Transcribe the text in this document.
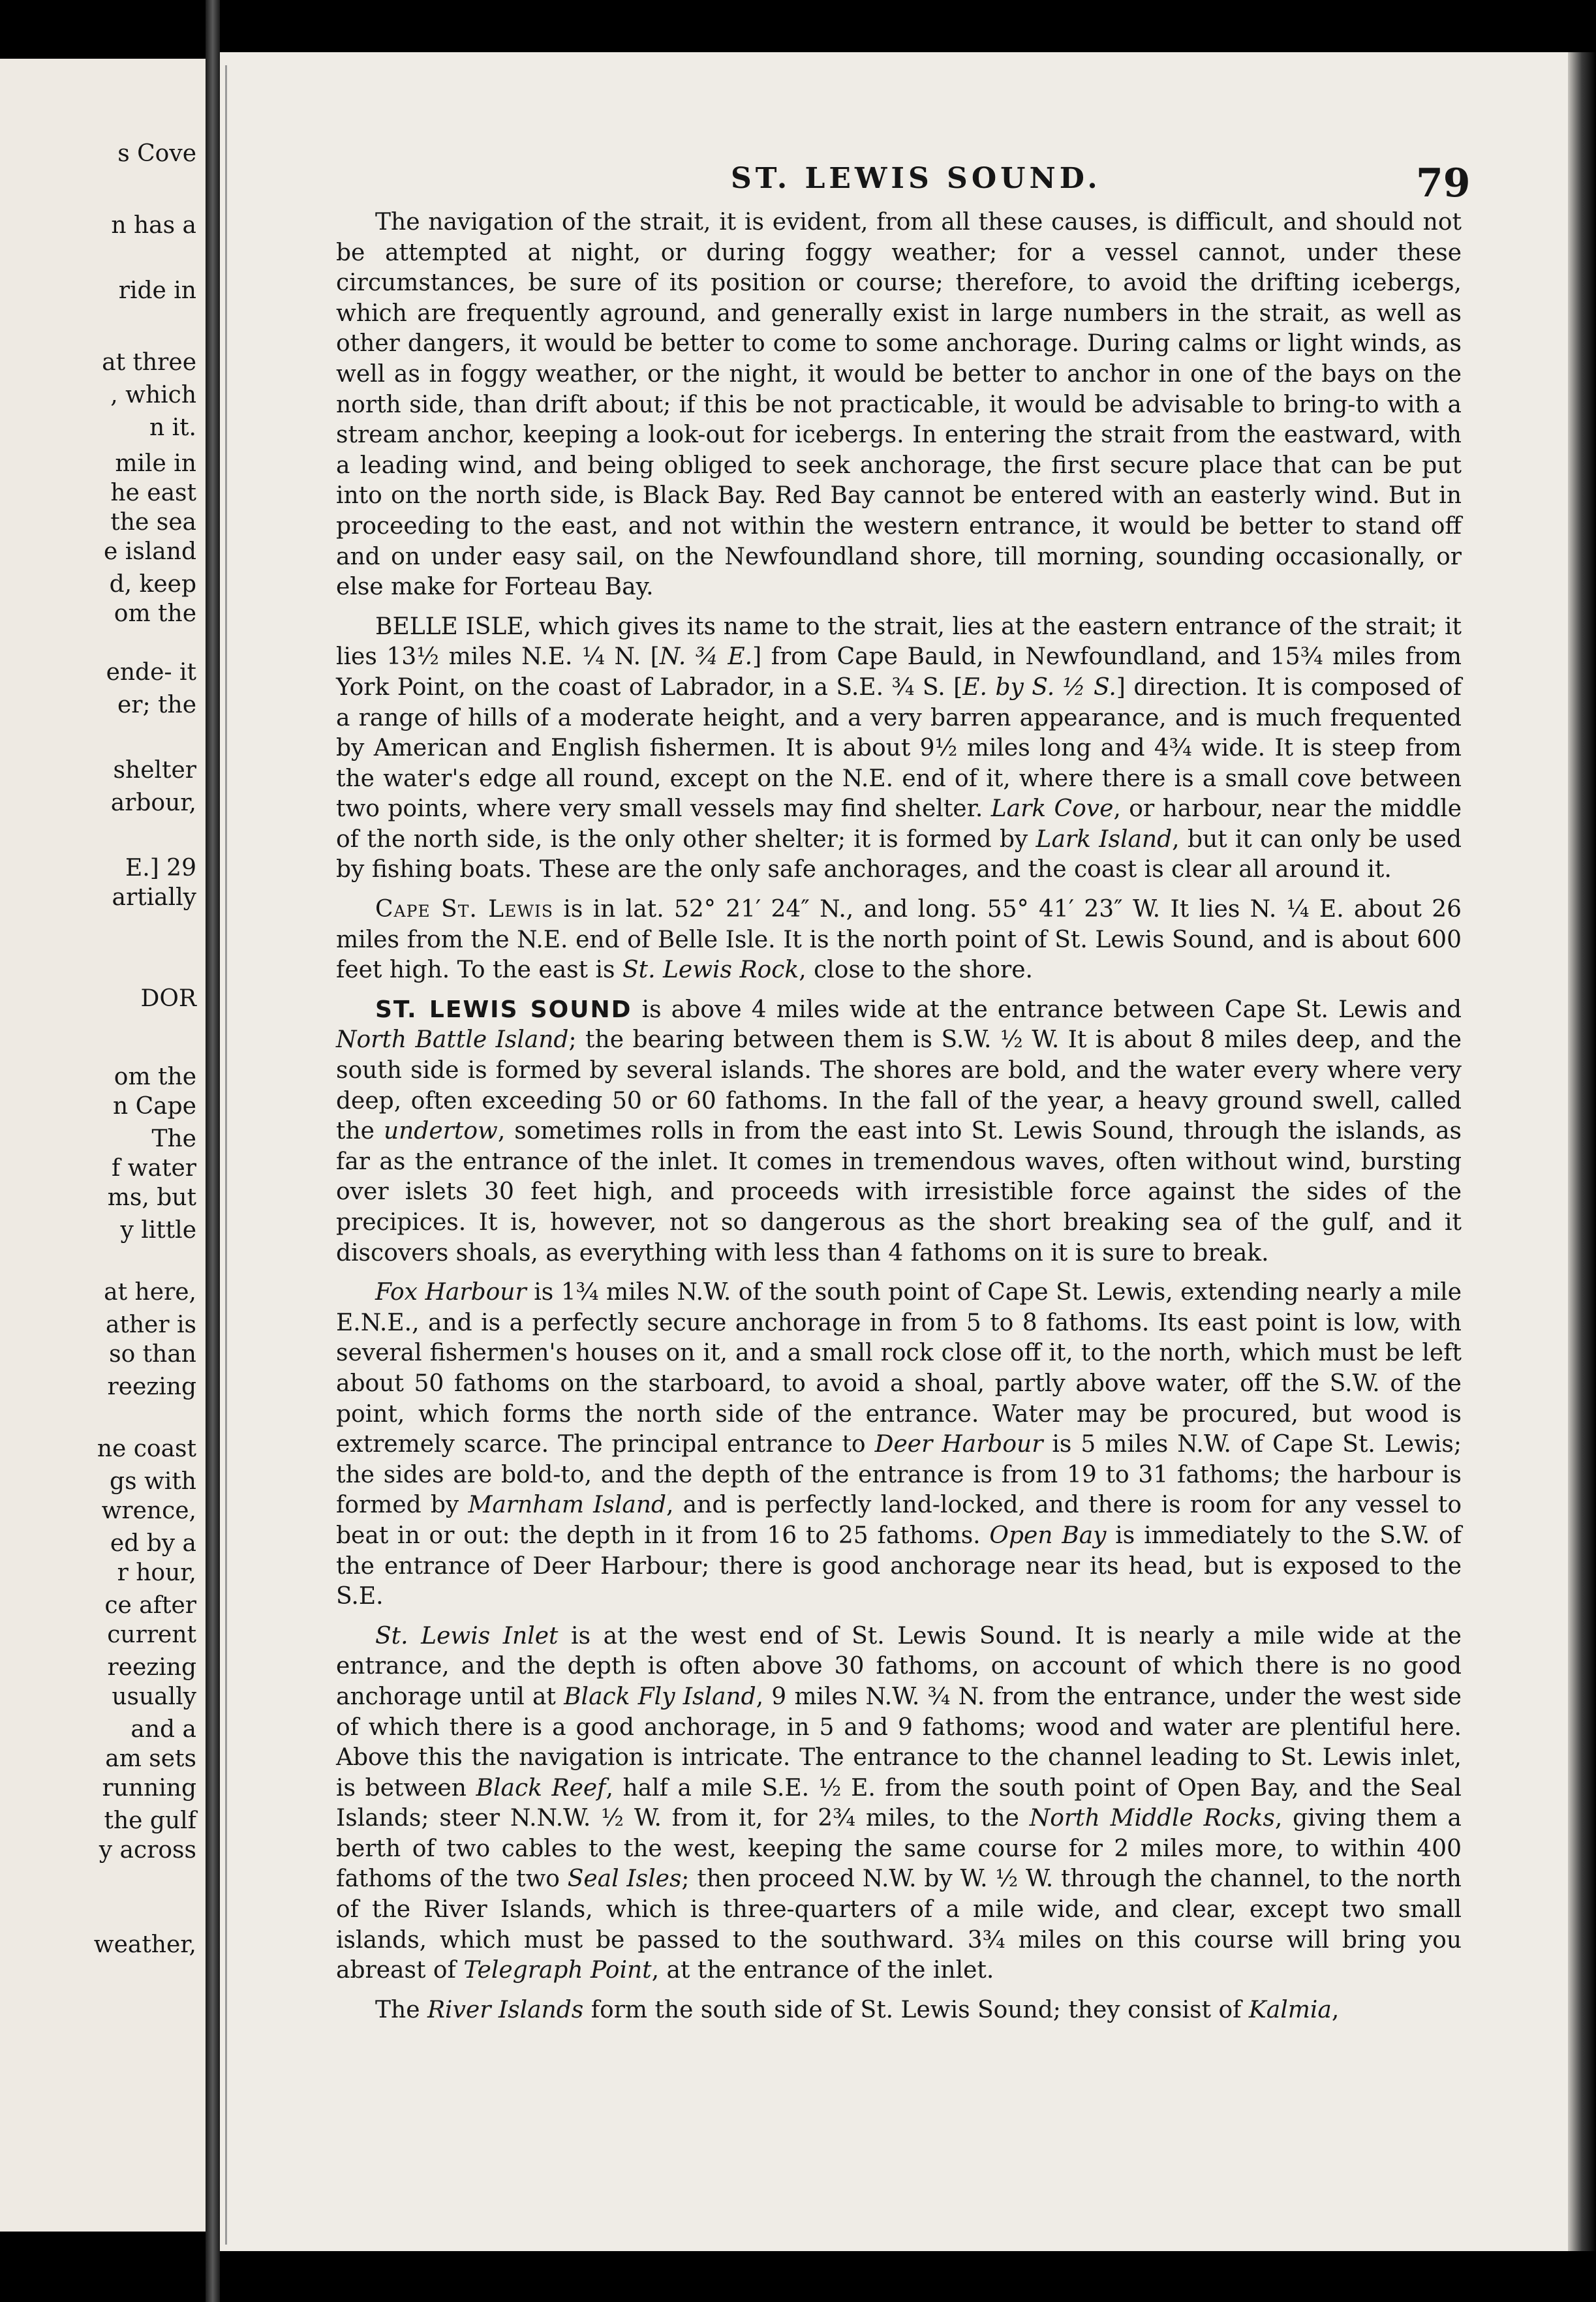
s Cove
n has a
ride in
at three
, which
n it.
mile in
he east
the sea
e island
d, keep
om the
ende- it
er; the
shelter
arbour,
E.] 29
artially
DOR
om the
n Cape
The
f water
ms, but
y little
at here,
ather is
so than
reezing
ne coast
gs with
wrence,
ed by a
r hour,
ce after
current
reezing
usually
and a
am sets
running
the gulf
y across
weather,
ST. LEWIS SOUND.	79

The navigation of the strait, it is evident, from all these causes, is difficult, and should not be attempted at night, or during foggy weather; for a vessel cannot, under these circumstances, be sure of its position or course; therefore, to avoid the drifting icebergs, which are frequently aground, and generally exist in large numbers in the strait, as well as other dangers, it would be better to come to some anchorage. During calms or light winds, as well as in foggy weather, or the night, it would be better to anchor in one of the bays on the north side, than drift about; if this be not practicable, it would be advisable to bring-to with a stream anchor, keeping a look-out for icebergs. In entering the strait from the eastward, with a leading wind, and being obliged to seek anchorage, the first secure place that can be put into on the north side, is Black Bay. Red Bay cannot be entered with an easterly wind. But in proceeding to the east, and not within the western entrance, it would be better to stand off and on under easy sail, on the Newfoundland shore, till morning, sounding occasionally, or else make for Forteau Bay.

BELLE ISLE, which gives its name to the strait, lies at the eastern entrance of the strait; it lies 13½ miles N.E. ¼ N. [N. ¾ E.] from Cape Bauld, in Newfoundland, and 15¾ miles from York Point, on the coast of Labrador, in a S.E. ¾ S. [E. by S. ½ S.] direction. It is composed of a range of hills of a moderate height, and a very barren appearance, and is much frequented by American and English fishermen. It is about 9½ miles long and 4¾ wide. It is steep from the water's edge all round, except on the N.E. end of it, where there is a small cove between two points, where very small vessels may find shelter. Lark Cove, or harbour, near the middle of the north side, is the only other shelter; it is formed by Lark Island, but it can only be used by fishing boats. These are the only safe anchorages, and the coast is clear all around it.

Cape St. Lewis is in lat. 52° 21′ 24″ N., and long. 55° 41′ 23″ W. It lies N. ¼ E. about 26 miles from the N.E. end of Belle Isle. It is the north point of St. Lewis Sound, and is about 600 feet high. To the east is St. Lewis Rock, close to the shore.

ST. LEWIS SOUND is above 4 miles wide at the entrance between Cape St. Lewis and North Battle Island; the bearing between them is S.W. ½ W. It is about 8 miles deep, and the south side is formed by several islands. The shores are bold, and the water every where very deep, often exceeding 50 or 60 fathoms. In the fall of the year, a heavy ground swell, called the undertow, sometimes rolls in from the east into St. Lewis Sound, through the islands, as far as the entrance of the inlet. It comes in tremendous waves, often without wind, bursting over islets 30 feet high, and proceeds with irresistible force against the sides of the precipices. It is, however, not so dangerous as the short breaking sea of the gulf, and it discovers shoals, as everything with less than 4 fathoms on it is sure to break.

Fox Harbour is 1¾ miles N.W. of the south point of Cape St. Lewis, extending nearly a mile E.N.E., and is a perfectly secure anchorage in from 5 to 8 fathoms. Its east point is low, with several fishermen's houses on it, and a small rock close off it, to the north, which must be left about 50 fathoms on the starboard, to avoid a shoal, partly above water, off the S.W. of the point, which forms the north side of the entrance. Water may be procured, but wood is extremely scarce. The principal entrance to Deer Harbour is 5 miles N.W. of Cape St. Lewis; the sides are bold-to, and the depth of the entrance is from 19 to 31 fathoms; the harbour is formed by Marnham Island, and is perfectly land-locked, and there is room for any vessel to beat in or out: the depth in it from 16 to 25 fathoms. Open Bay is immediately to the S.W. of the entrance of Deer Harbour; there is good anchorage near its head, but is exposed to the S.E.

St. Lewis Inlet is at the west end of St. Lewis Sound. It is nearly a mile wide at the entrance, and the depth is often above 30 fathoms, on account of which there is no good anchorage until at Black Fly Island, 9 miles N.W. ¾ N. from the entrance, under the west side of which there is a good anchorage, in 5 and 9 fathoms; wood and water are plentiful here. Above this the navigation is intricate. The entrance to the channel leading to St. Lewis inlet, is between Black Reef, half a mile S.E. ½ E. from the south point of Open Bay, and the Seal Islands; steer N.N.W. ½ W. from it, for 2¾ miles, to the North Middle Rocks, giving them a berth of two cables to the west, keeping the same course for 2 miles more, to within 400 fathoms of the two Seal Isles; then proceed N.W. by W. ½ W. through the channel, to the north of the River Islands, which is three-quarters of a mile wide, and clear, except two small islands, which must be passed to the southward. 3¾ miles on this course will bring you abreast of Telegraph Point, at the entrance of the inlet.

The River Islands form the south side of St. Lewis Sound; they consist of Kalmia,
